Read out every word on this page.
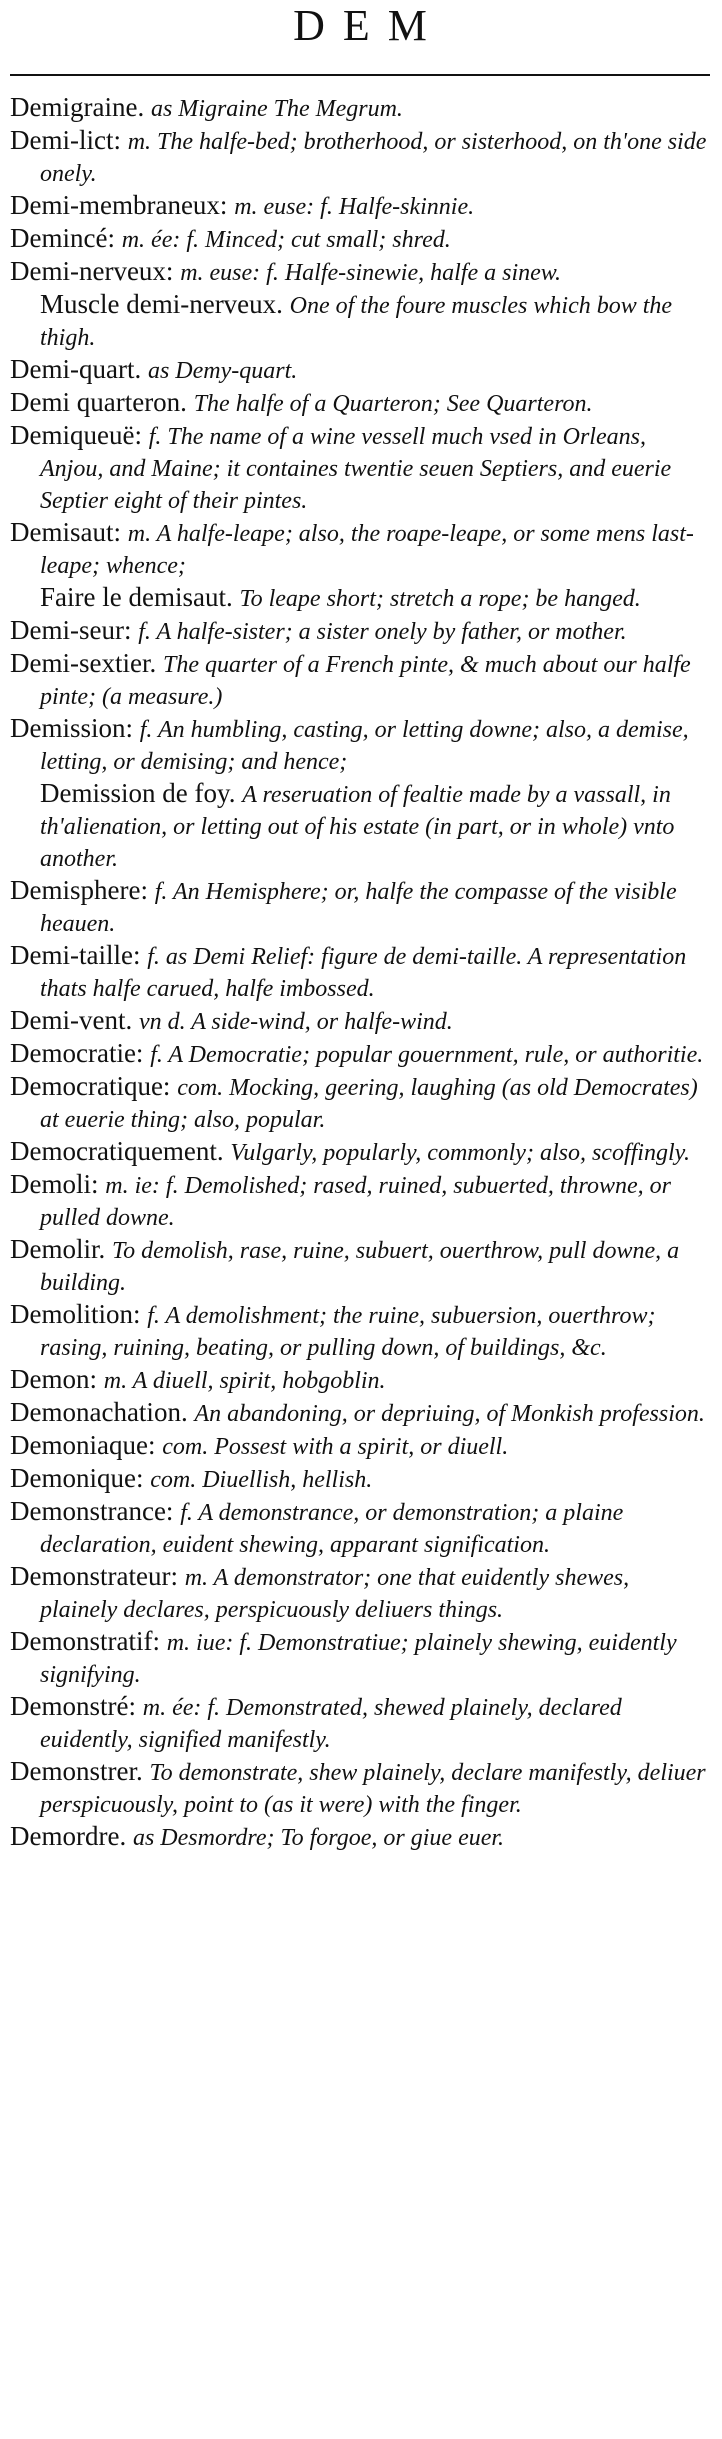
DEM

Demigraine. as Migraine The Megrum.

Demi-lict: m. The halfe-bed; brotherhood, or sisterhood, on th'one side onely.

Demi-membraneux: m. euse: f. Halfe-skinnie.

Deminсé: m. ée: f. Minced; cut small; shred.

Demi-nerveux: m. euse: f. Halfe-sinewie, halfe a sinew.

Muscle demi-nerveux. One of the foure muscles which bow the thigh.

Demi-quart. as Demy-quart.

Demi quarteron. The halfe of a Quarteron; See Quarteron.

Demiqueuë: f. The name of a wine vessell much vsed in Orleans, Anjou, and Maine; it containes twentie seuen Septiers, and euerie Septier eight of their pintes.

Demisaut: m. A halfe-leape; also, the roape-leape, or some mens last-leape; whence;

Faire le demisaut. To leape short; stretch a rope; be hanged.

Demi-seur: f. A halfe-sister; a sister onely by father, or mother.

Demi-sextier. The quarter of a French pinte, & much about our halfe pinte; (a measure.)

Demission: f. An humbling, casting, or letting downe; also, a demise, letting, or demising; and hence;

Demission de foy. A reseruation of fealtie made by a vassall, in th'alienation, or letting out of his estate (in part, or in whole) vnto another.

Demisphere: f. An Hemisphere; or, halfe the compasse of the visible heauen.

Demi-taille: f. as Demi Relief: figure de demi-taille. A representation thats halfe carued, halfe imbossed.

Demi-vent. vn d. A side-wind, or halfe-wind.

Democratie: f. A Democratie; popular gouernment, rule, or authoritie.

Democratique: com. Mocking, geering, laughing (as old Democrates) at euerie thing; also, popular.

Democratiquement. Vulgarly, popularly, commonly; also, scoffingly.

Demoli: m. ie: f. Demolished; rased, ruined, subuerted, throwne, or pulled downe.

Demolir. To demolish, rase, ruine, subuert, ouerthrow, pull downe, a building.

Demolition: f. A demolishment; the ruine, subuersion, ouerthrow; rasing, ruining, beating, or pulling down, of buildings, &c.

Demon: m. A diuell, spirit, hobgoblin.

Demonachation. An abandoning, or depriuing, of Monkish profession.

Demoniaque: com. Possest with a spirit, or diuell.

Demonique: com. Diuellish, hellish.

Demonstrance: f. A demonstrance, or demonstration; a plaine declaration, euident shewing, apparant signification.

Demonstrateur: m. A demonstrator; one that euidently shewes, plainely declares, perspicuously deliuers things.

Demonstratif: m. iue: f. Demonstratiue; plainely shewing, euidently signifying.

Demonstré: m. ée: f. Demonstrated, shewed plainely, declared euidently, signified manifestly.

Demonstrer. To demonstrate, shew plainely, declare manifestly, deliuer perspicuously, point to (as it were) with the finger.

Demordre. as Desmordre; To forgoe, or giue euer.
